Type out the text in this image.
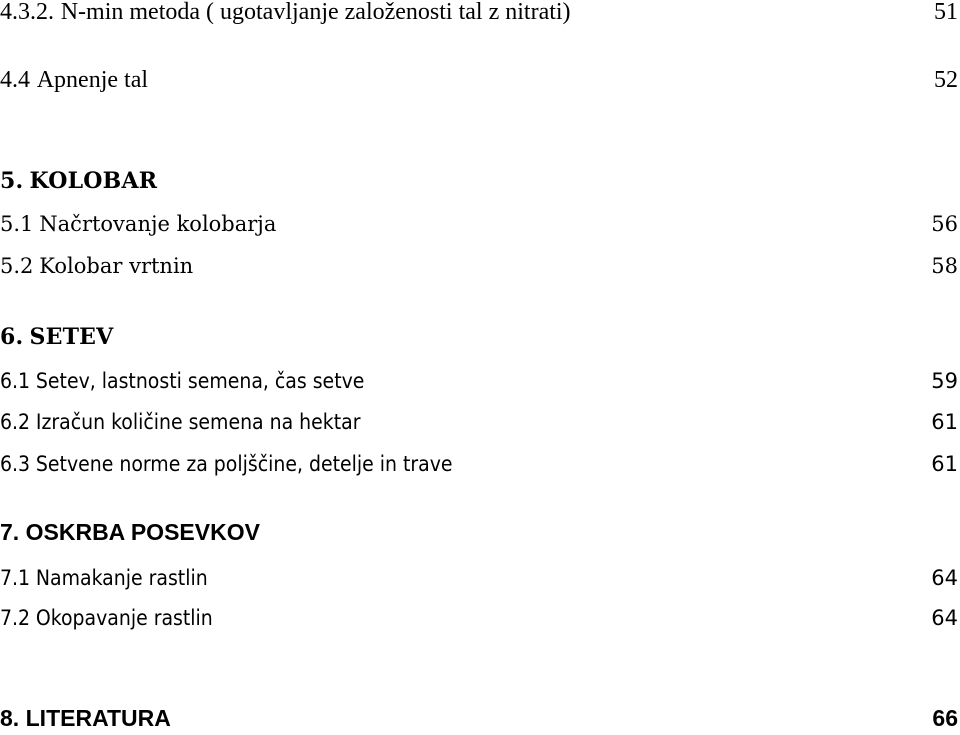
4.3.2. N-min metoda ( ugotavljanje založenosti tal z nitrati)	51
4.4 Apnenje tal	52
5. KOLOBAR
5.1 Načrtovanje kolobarja	56
5.2 Kolobar vrtnin	58
6. SETEV
6.1 Setev, lastnosti semena, čas setve	59
6.2 Izračun količine semena na hektar	61
6.3 Setvene norme za poljščine, detelje in trave	61
7. OSKRBA POSEVKOV
7.1 Namakanje rastlin	64
7.2 Okopavanje rastlin	64
8. LITERATURA	66
